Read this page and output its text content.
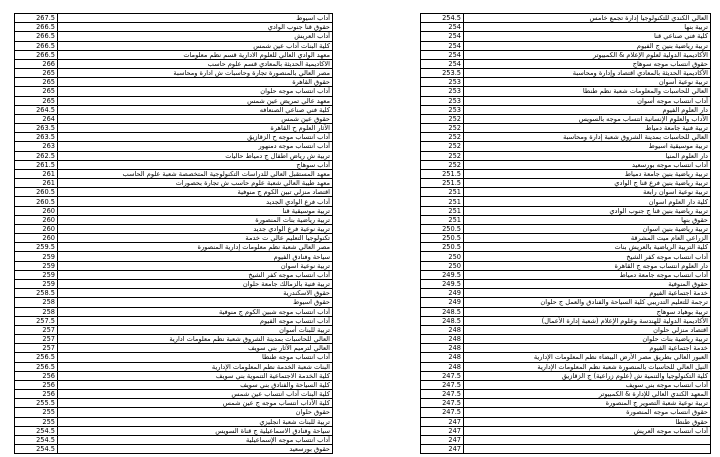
267.5	آداب اسيوط
266.5	حقوق قنا جنوب الوادي
266.5	آداب العريش
266.5	كلية البنات آداب عين شمس
266.5	معهد الوادي العالي للعلوم الادارية قسم نظم معلومات
266	الاكاديمية الحديثة بالمعادي قسم علوم حاسب
265	مصر العالي بالمنصورة تجارة وحاسبات ش ادارة ومحاسبة
265	حقوق القاهرة
265	آداب انتساب موجه حلوان
265	معهد عالي تمريض عين شمس
264.5	كلية فني صناعي الصنعافه
264	حقوق عين شمس
263.5	الآثار العلوم ح القاهرة
263.5	آداب انتساب موجه ح الزقازيق
263	آداب انتساب موجه دمنهور
262.5	تربية ش رياض اطفال ج دمياط حاليات
261.5	آداب سوهاج
261	معهد المستقبل العالي للدراسات التكنولوجية المتخصصة شعبة علوم الحاسب
261	معهد طيبة العالي شعبة علوم حاسب ش تجارة بحصورات
260.5	اقتصاد منزلي تبين الكوم ج منوفية
260.5	آداب فرع الوادي الجديد
260	تربية موسيقية قنا
260	تربية رياضية بنات المنصورة
260	تربية نوعية فرع الوادي جديد
260	تكنولوجيا التعليم عالي ت خدمة
259.5	مصر العالي شعبة نظم معلومات إدارية المنصورة
259	سياحة وفنادق الفيوم
259	تربية نوعية اسوان
259	آداب انتساب موجه كفر الشيخ
259	تربية فنية بالزمالك جامعة حلوان
258.5	حقوق الاسكندرية
258	حقوق اسيوط
258	آداب انتساب موجه شبين الكوم ج منوفية
257.5	آداب انتساب موجه الفيوم
257	تربية للبنات أسوان
257	العالي للحاسبات بمدينة الشروق شعبة نظم معلومات ادارية
257	العالي لترميم الآثار بني سويف
256.5	آداب انتساب موجه طنطا
256.5	البنات شعبة الخدمة نظم المعلومات الإدارية
256	كلية الخدمة الاجتماعية التنموية بني سويف
256	كلية السياحة والفنادق بني سويف
256	كلية البنات آداب انتساب عين شمس
255.5	كلية الآداب انتساب موجه ج عين شمس
255	حقوق حلوان
255	تربية للبنات شعبة انجليزي
254.5	سياحة وفنادق الاسماعيلية ج قناة السويس
254.5	آداب انتساب موجه الإسماعيلية
254.5	حقوق بورسعيد
254.5	العالي الكندي للتكنولوجيا إدارة تجمع خامس
254	تربية بنها
254	كلية فني صناعي قنا
254	تربية رياضية بنين ج الفيوم
254	الأكاديمية الدولية لعلوم الإعلام & الكمبيوتر
254	حقوق انتساب موجه سوهاج
253.5	الأكاديمية الحديثة بالمعادي اقتصاد وإدارة ومحاسبة
253	تربية نوعية أسوان
253	العالي للحاسبات والمعلومات شعبة نظم طنطا
253	آداب انتساب موجه أسوان
253	دار العلوم الفيوم
252	الآداب والعلوم الإنسانية انتساب موجه بالسويس
252	تربية فنية جامعة دمياط
252	العالي للحاسبات بمدينة الشروق شعبة إدارة ومحاسبة
252	تربية موسيقية اسيوط
252	دار العلوم المنيا
252	آداب انتساب موجه بورسعيد
251.5	تربية رياضية بنين جامعة دمياط
251.5	تربية رياضية بنين فرع قنا ج الوادي
251	تربية نوعية اسوان رابعة
251	كلية دار العلوم اسوان
251	تربية رياضية بنين قنا ج جنوب الوادي
251	حقوق بنها
250.5	تربية رياضية بنين اسوان
250.5	الزراعي العام ميت المشرقة
250.5	كلية التربية الرياضية بالعريش بنات
250	آداب انتساب موجه كفر الشيخ
250	دار العلوم انتساب موجه ج القاهرة
249.5	آداب انتساب موجه جامعة دمياط
249.5	حقوق المنوفية
249	خدمة اجتماعية الفيوم
249	ترجمة للتعليم التدريبي كلية السياحة والفنادق والعمل ج حلوان
248.5	تربية بوهياد سوهاج
248.5	الأكاديمية الدولية للهندسة وعلوم الإعلام (شعبة إدارة الأعمال)
248	اقتصاد منزلي حلوان
248	تربية رياضية بنات حلوان
248	خدمة اجتماعية الفيوم
248	العبور العالي بطريق مصر الأرض البيضاء نظم المعلومات الإدارية
248	النيل العالي للحاسبات بالمنصورة شعبة نظم المعلومات الإدارية
247.5	كلية التكنولوجيا والتنمية ش (علوم زراعية) ج الزقازيق
247.5	آداب انتساب موجه بني سويف
247.5	المعهد الكندي العالي للإدارة & الكمبيوتر
247.5	تربية نوعية شعبة التصوير ج المنصورة
247.5	حقوق انتساب موجه المنصورة
247	حقوق طنطا
247	آداب انتساب موجه العريش
247	
247	
